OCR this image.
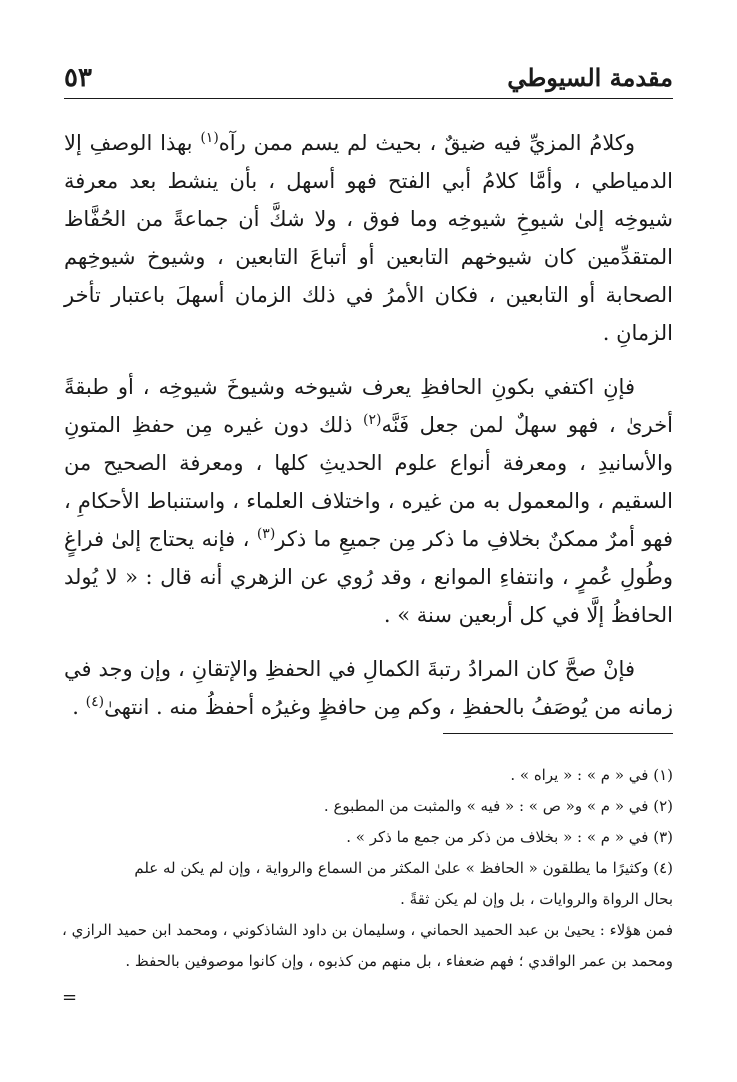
مقدمة السيوطي
٥٣

وكلامُ المزيِّ فيه ضيقٌ ، بحيث لم يسم ممن رآه$^{(١)}$ بهذا الوصفِ إلا الدمياطي ، وأمَّا كلامُ أبي الفتح فهو أسهل ، بأن ينشط بعد معرفة شيوخِه إلىٰ شيوخِ شيوخِه وما فوق ، ولا شكَّ أن جماعةً من الحُفَّاظ المتقدِّمين كان شيوخهم التابعين أو أتباعَ التابعين ، وشيوخ شيوخِهم الصحابة أو التابعين ، فكان الأمرُ في ذلك الزمان أسهلَ باعتبار تأخر الزمانِ .

فإنِ اكتفي بكونِ الحافظِ يعرف شيوخه وشيوخَ شيوخِه ، أو طبقةً أخرىٰ ، فهو سهلٌ لمن جعل فَنَّه$^{(٢)}$ ذلك دون غيره مِن حفظِ المتونِ والأسانيدِ ، ومعرفة أنواع علوم الحديثِ كلها ، ومعرفة الصحيح من السقيم ، والمعمول به من غيره ، واختلاف العلماء ، واستنباط الأحكامِ ، فهو أمرٌ ممكنٌ بخلافِ ما ذكر مِن جميعِ ما ذكر$^{(٣)}$ ، فإنه يحتاج إلىٰ فراغٍ وطُولِ عُمرٍ ، وانتفاءِ الموانع ، وقد رُوي عن الزهري أنه قال : « لا يُولد الحافظُ إلَّا في كل أربعين سنة » .

فإنْ صحَّ كان المرادُ رتبةَ الكمالِ في الحفظِ والإتقانِ ، وإن وجد في زمانه من يُوصَفُ بالحفظِ ، وكم مِن حافظٍ وغيرُه أحفظُ منه . انتهىٰ$^{(٤)}$ .

(١) في « م » : « يراه » .

(٢) في « م » و« ص » : « فيه » والمثبت من المطبوع .

(٣) في « م » : « بخلاف من ذكر من جمع ما ذكر » .

(٤) وكثيرًا ما يطلقون « الحافظ » علىٰ المكثر من السماع والرواية ، وإن لم يكن له علم

بحال الرواة والروايات ، بل وإن لم يكن ثقةً .

فمن هؤلاء : يحيىٰ بن عبد الحميد الحماني ، وسليمان بن داود الشاذكوني ، ومحمد ابن حميد الرازي ، ومحمد بن عمر الواقدي ؛ فهم ضعفاء ، بل منهم من كذبوه ، وإن كانوا موصوفين بالحفظ .

=
